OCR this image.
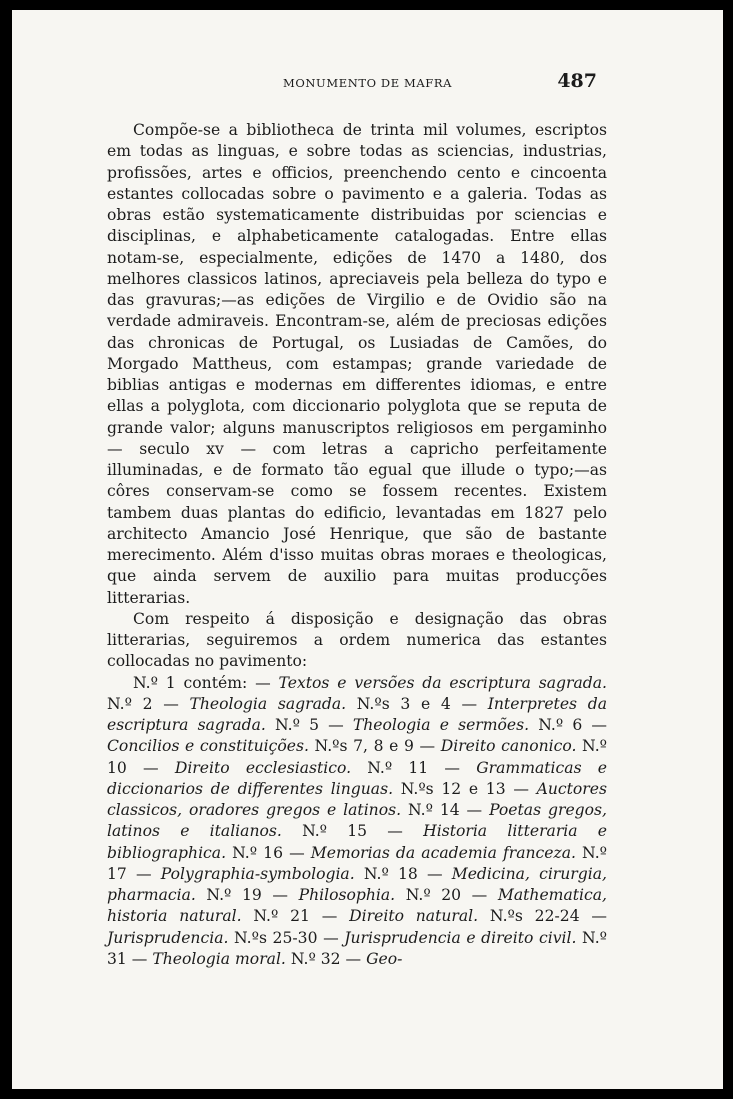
MONUMENTO DE MAFRA	487

Compõe-se a bibliotheca de trinta mil volumes, escriptos em todas as linguas, e sobre todas as sciencias, industrias, profissões, artes e officios, preenchendo cento e cincoenta estantes collocadas sobre o pavimento e a galeria. Todas as obras estão systematicamente distribuidas por sciencias e disciplinas, e alphabeticamente catalogadas. Entre ellas notam-se, especialmente, edições de 1470 a 1480, dos melhores classicos latinos, apreciaveis pela belleza do typo e das gravuras;—as edições de Virgilio e de Ovidio são na verdade admiraveis. Encontram-se, além de preciosas edições das chronicas de Portugal, os Lusiadas de Camões, do Morgado Mattheus, com estampas; grande variedade de biblias antigas e modernas em differentes idiomas, e entre ellas a polyglota, com diccionario polyglota que se reputa de grande valor; alguns manuscriptos religiosos em pergaminho — seculo xv — com letras a capricho perfeitamente illuminadas, e de formato tão egual que illude o typo;—as côres conservam-se como se fossem recentes. Existem tambem duas plantas do edificio, levantadas em 1827 pelo architecto Amancio José Henrique, que são de bastante merecimento. Além d'isso muitas obras moraes e theologicas, que ainda servem de auxilio para muitas producções litterarias.

Com respeito á disposição e designação das obras litterarias, seguiremos a ordem numerica das estantes collocadas no pavimento:

N.º 1 contém: — Textos e versões da escriptura sagrada. N.º 2 — Theologia sagrada. N.ºs 3 e 4 — Interpretes da escriptura sagrada. N.º 5 — Theologia e sermões. N.º 6 — Concilios e constituições. N.ºs 7, 8 e 9 — Direito canonico. N.º 10 — Direito ecclesiastico. N.º 11 — Grammaticas e diccionarios de differentes linguas. N.ºs 12 e 13 — Auctores classicos, oradores gregos e latinos. N.º 14 — Poetas gregos, latinos e italianos. N.º 15 — Historia litteraria e bibliographica. N.º 16 — Memorias da academia franceza. N.º 17 — Polygraphia-symbologia. N.º 18 — Medicina, cirurgia, pharmacia. N.º 19 — Philosophia. N.º 20 — Mathematica, historia natural. N.º 21 — Direito natural. N.ºs 22-24 — Jurisprudencia. N.ºs 25-30 — Jurisprudencia e direito civil. N.º 31 — Theologia moral. N.º 32 — Geo-
